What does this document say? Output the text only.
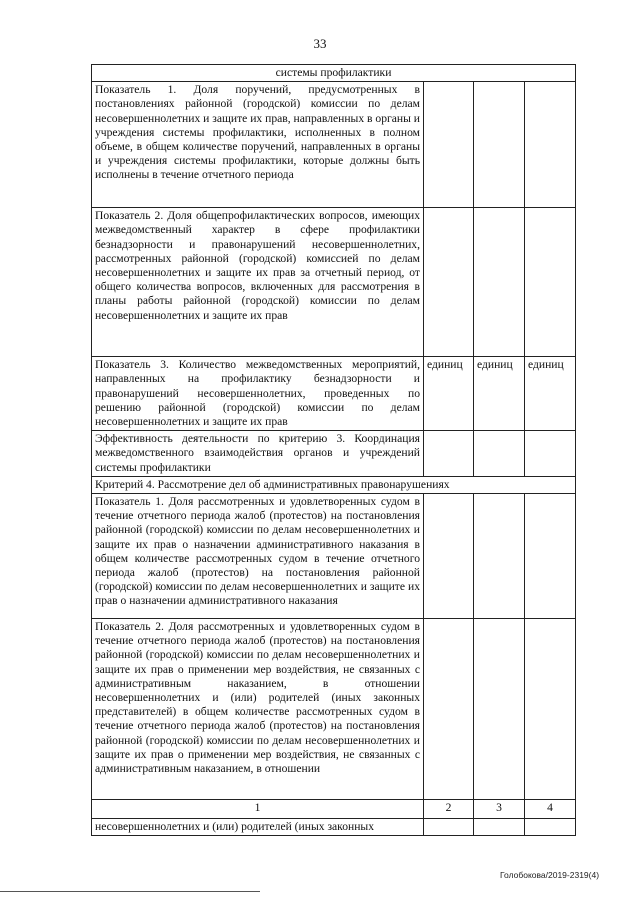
33
системы профилактики			
Показатель 1. Доля поручений, предусмотренных в постановлениях районной (городской) комиссии по делам несовершеннолетних и защите их прав, направленных в органы и учреждения системы профилактики, исполненных в полном объеме, в общем количестве поручений, направленных в органы и учреждения системы профилактики, которые должны быть исполнены в течение отчетного периода			
Показатель 2. Доля общепрофилактических вопросов, имеющих межведомственный характер в сфере профилактики безнадзорности и правонарушений несовершеннолетних, рассмотренных районной (городской) комиссией по делам несовершеннолетних и защите их прав за отчетный период, от общего количества вопросов, включенных для рассмотрения в планы работы районной (городской) комиссии по делам несовершеннолетних и защите их прав			
Показатель 3. Количество межведомственных мероприятий, направленных на профилактику безнадзорности и правонарушений несовершеннолетних, проведенных по решению районной (городской) комиссии по делам несовершеннолетних и защите их прав	единиц	единиц	единиц
Эффективность деятельности по критерию 3. Координация межведомственного взаимодействия органов и учреждений системы профилактики			
Критерий 4. Рассмотрение дел об административных правонарушениях			
Показатель 1. Доля рассмотренных и удовлетворенных судом в течение отчетного периода жалоб (протестов) на постановления районной (городской) комиссии по делам несовершеннолетних и защите их прав о назначении административного наказания в общем количестве рассмотренных судом в течение отчетного периода жалоб (протестов) на постановления районной (городской) комиссии по делам несовершеннолетних и защите их прав о назначении административного наказания			
Показатель 2. Доля рассмотренных и удовлетворенных судом в течение отчетного периода жалоб (протестов) на постановления районной (городской) комиссии по делам несовершеннолетних и защите их прав о применении мер воздействия, не связанных с административным наказанием, в отношении несовершеннолетних и (или) родителей (иных законных представителей) в общем количестве рассмотренных судом в течение отчетного периода жалоб (протестов) на постановления районной (городской) комиссии по делам несовершеннолетних и защите их прав о применении мер воздействия, не связанных с административным наказанием, в отношении			
1	2	3	4
несовершеннолетних и (или) родителей (иных законных			
Голобокова/2019-2319(4)
